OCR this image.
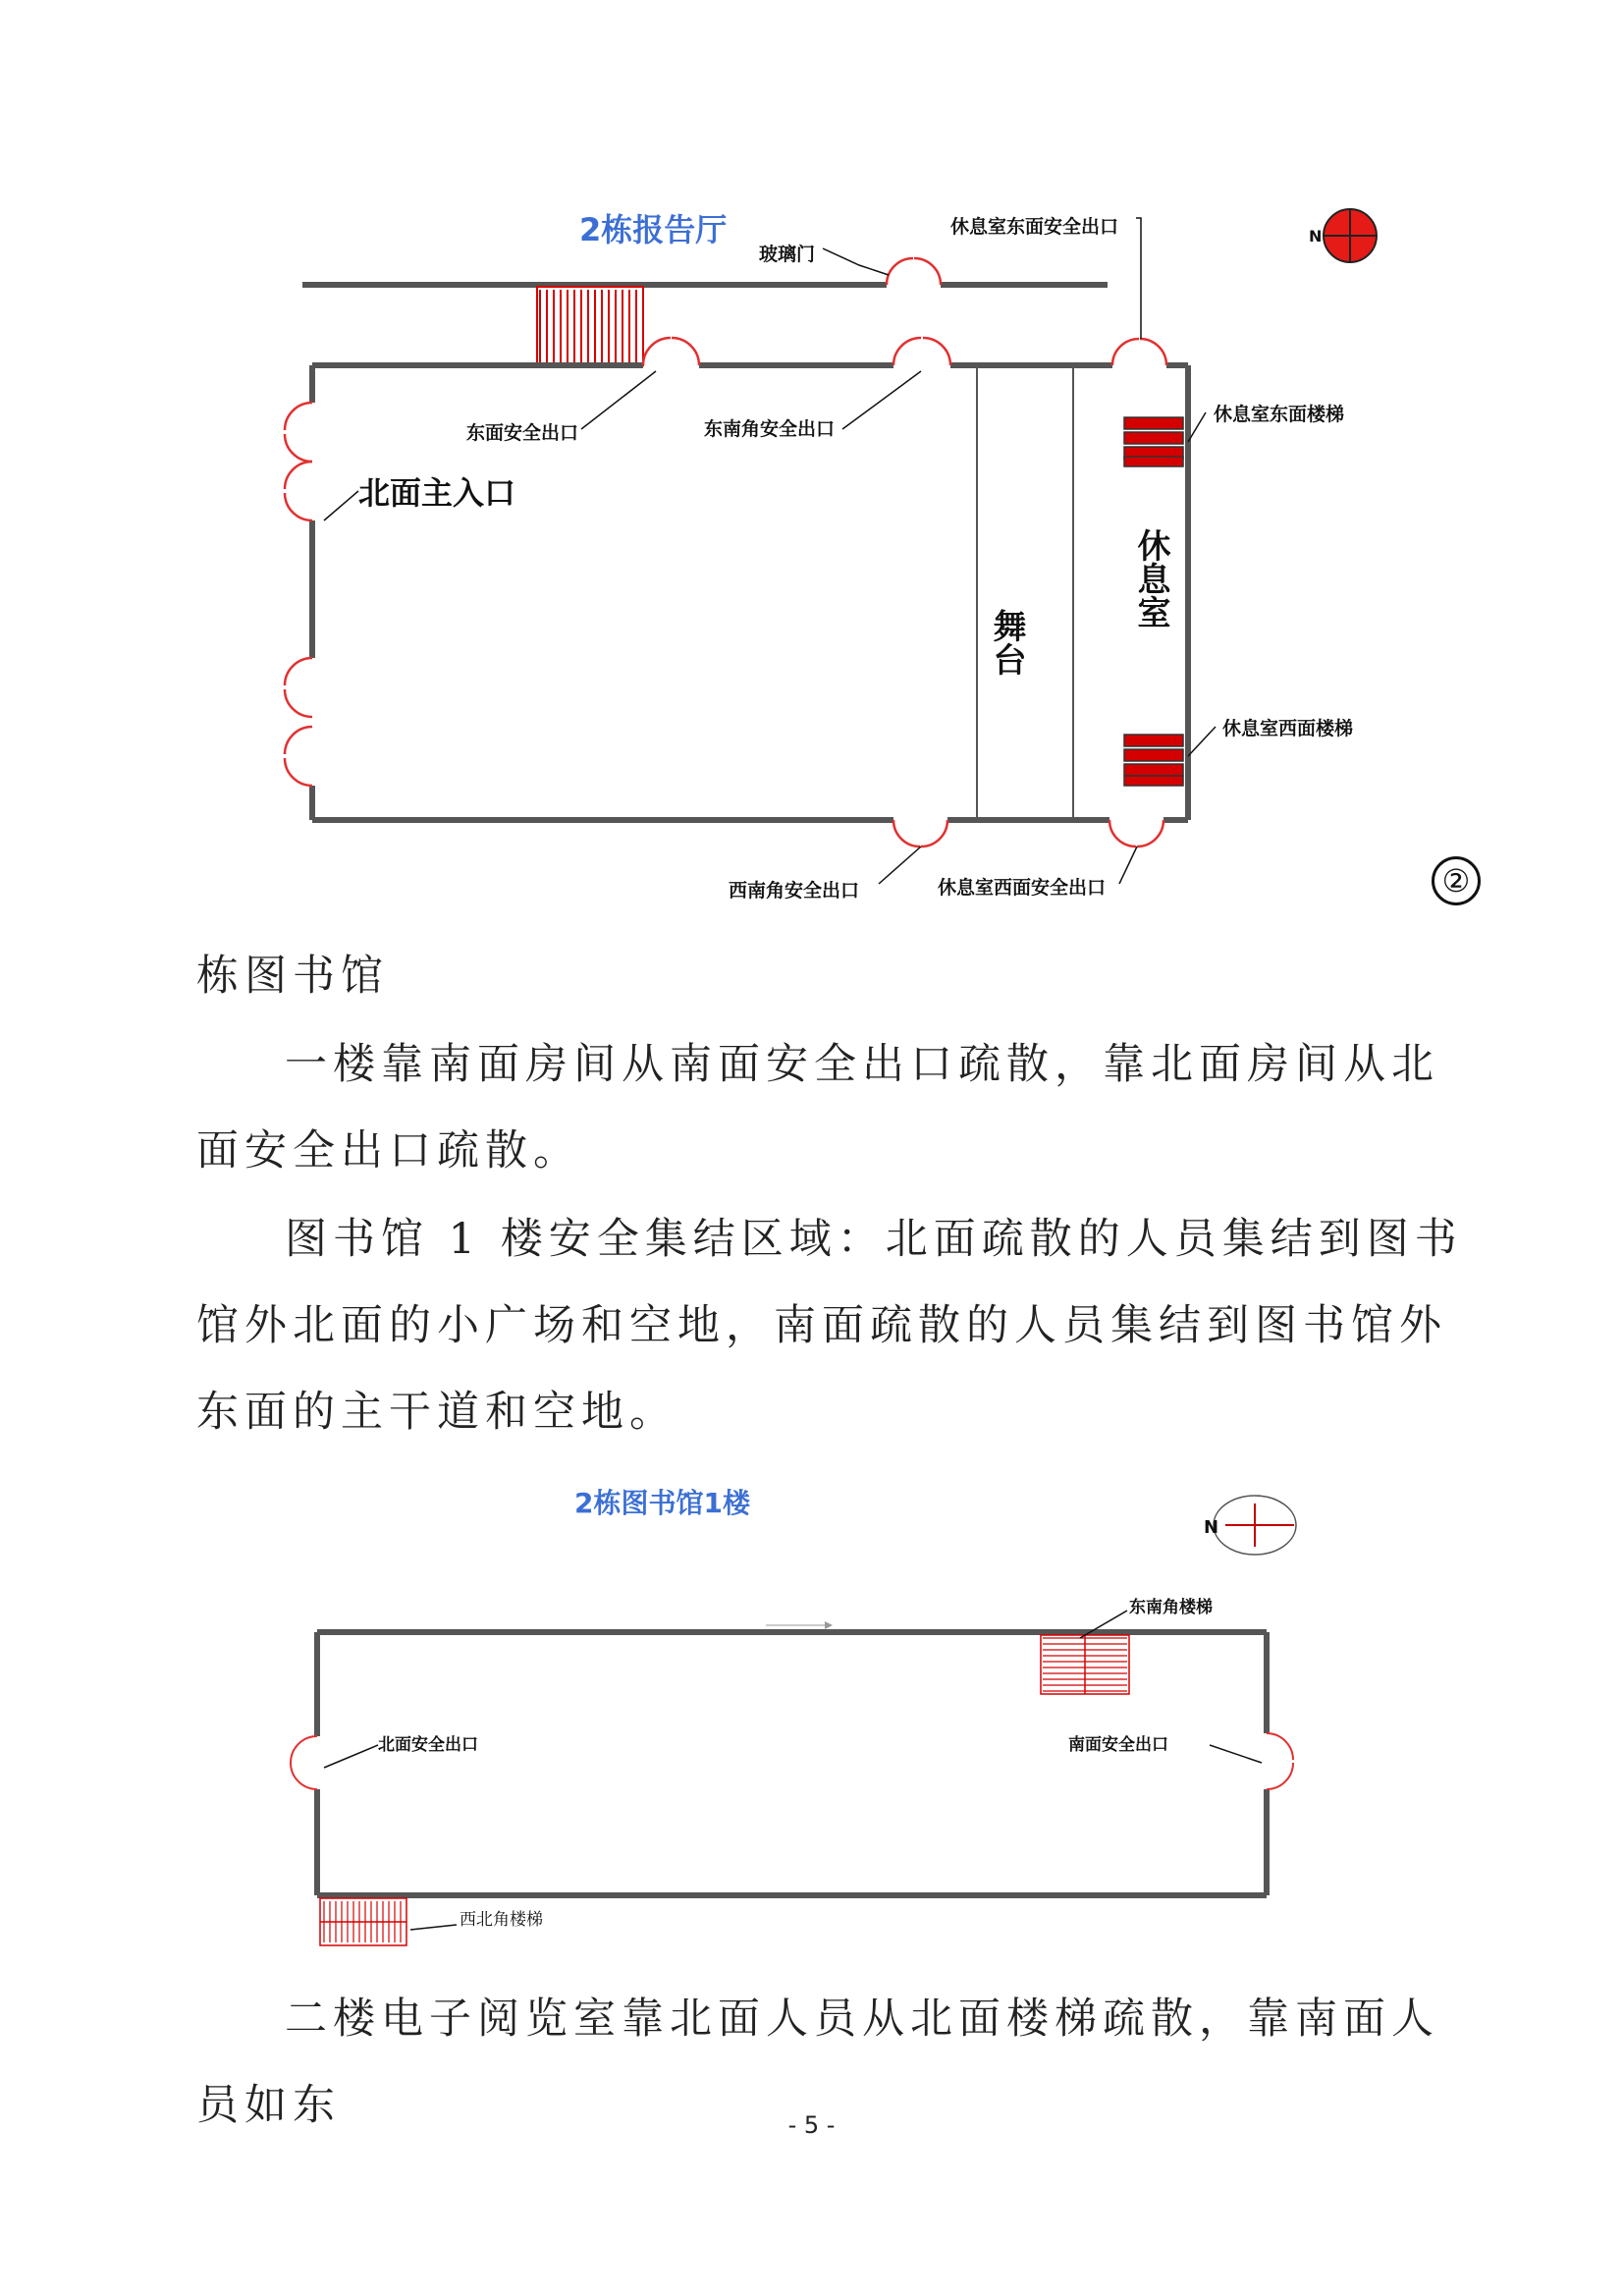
N
2栋报告厅
玻璃门
休息室东面安全出口
东面安全出口	东南角安全出口
北面主入口
休息室东面楼梯
舞台
休息室
休息室西面楼梯
西南角安全出口	休息室西面安全出口	②
栋图书馆
一楼靠南面房间从南面安全出口疏散，靠北面房间从北面安全出口疏散。
图书馆 1 楼安全集结区域：北面疏散的人员集结到图书馆外北面的小广场和空地，南面疏散的人员集结到图书馆外东面的主干道和空地。
2栋图书馆1楼
N
东南角楼梯
北面安全出口	南面安全出口
西北角楼梯
二楼电子阅览室靠北面人员从北面楼梯疏散，靠南面人员如东	- 5 -
